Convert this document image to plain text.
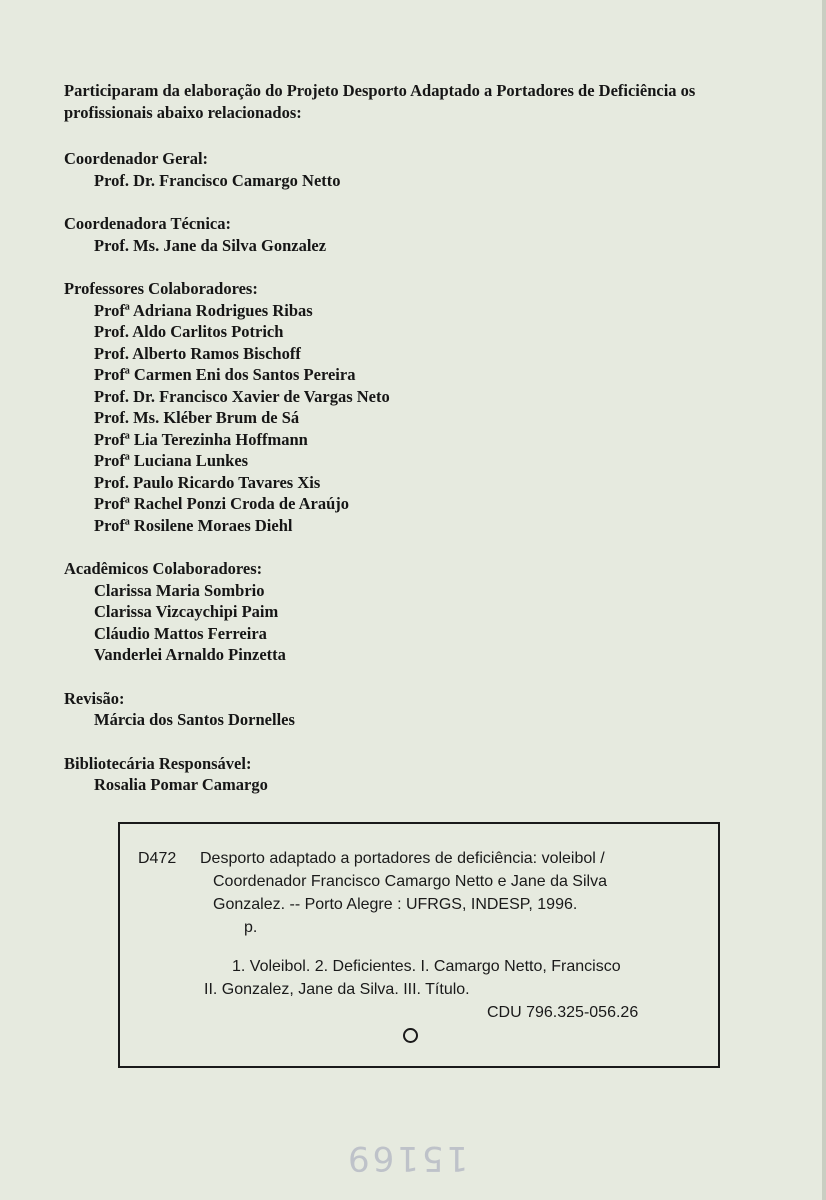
Participaram da elaboração do Projeto Desporto Adaptado a Portadores de Deficiência os profissionais abaixo relacionados:

Coordenador Geral:
Prof. Dr. Francisco Camargo Netto
Coordenadora Técnica:
Prof. Ms. Jane da Silva Gonzalez
Professores Colaboradores:
Profª Adriana Rodrigues Ribas
Prof. Aldo Carlitos Potrich
Prof. Alberto Ramos Bischoff
Profª Carmen Eni dos Santos Pereira
Prof. Dr. Francisco Xavier de Vargas Neto
Prof. Ms. Kléber Brum de Sá
Profª Lia Terezinha Hoffmann
Profª Luciana Lunkes
Prof. Paulo Ricardo Tavares Xis
Profª Rachel Ponzi Croda de Araújo
Profª Rosilene Moraes Diehl
Acadêmicos Colaboradores:
Clarissa Maria Sombrio
Clarissa Vizcaychipi Paim
Cláudio Mattos Ferreira
Vanderlei Arnaldo Pinzetta
Revisão:
Márcia dos Santos Dornelles
Bibliotecária Responsável:
Rosalia Pomar Camargo
D472 Desporto adaptado a portadores de deficiência: voleibol /
Coordenador Francisco Camargo Netto e Jane da Silva
Gonzalez. -- Porto Alegre : UFRGS, INDESP, 1996.
p.
1. Voleibol. 2. Deficientes. I. Camargo Netto, Francisco
II. Gonzalez, Jane da Silva. III. Título.
CDU 796.325-056.26
15169
